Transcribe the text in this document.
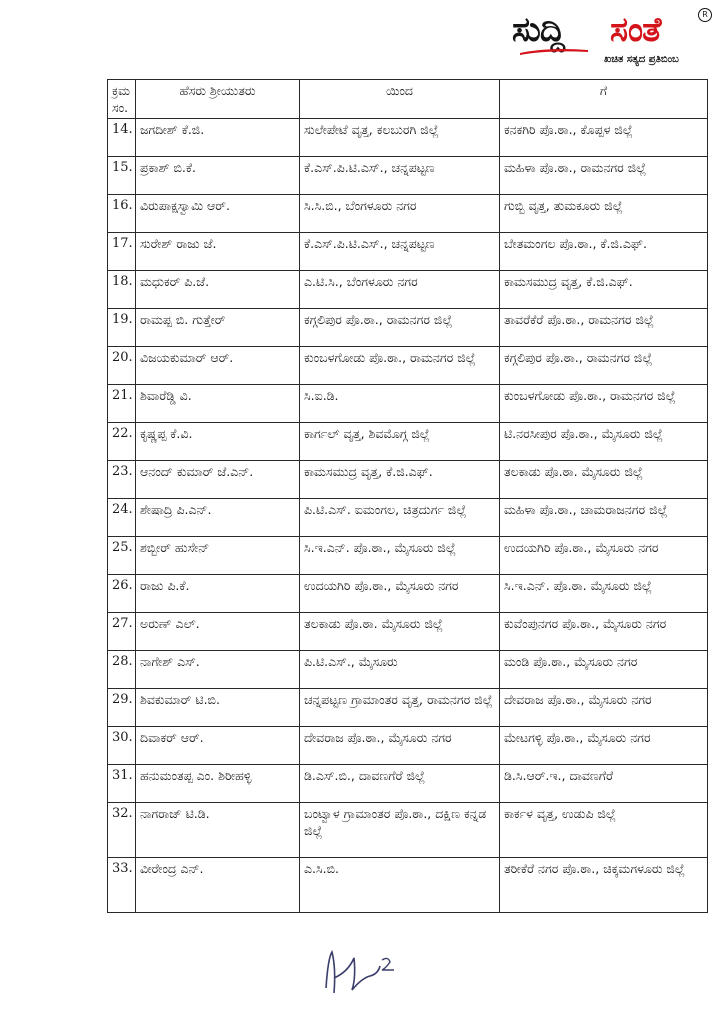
ಸುದ್ದಿ ಸಂತೆ	R
ಖಚಿತ ಸತ್ಯದ ಪ್ರತಿಬಿಂಬ
ಕ್ರಮ ಸಂ.	ಹೆಸರು ಶ್ರೀಯುತರು	ಯಿಂದ	ಗೆ
14.	ಜಗದೀಶ್ ಕೆ.ಜಿ.	ಸುಲೇಪೇಟೆ ವೃತ್ತ, ಕಲಬುರಗಿ ಜಿಲ್ಲೆ	ಕನಕಗಿರಿ ಪೊ.ಠಾ., ಕೊಪ್ಪಳ ಜಿಲ್ಲೆ
15.	ಪ್ರಕಾಶ್ ಬಿ.ಕೆ.	ಕೆ.ಎಸ್.ಪಿ.ಟಿ.ಎಸ್., ಚನ್ನಪಟ್ಟಣ	ಮಹಿಳಾ ಪೊ.ಠಾ., ರಾಮನಗರ ಜಿಲ್ಲೆ
16.	ವಿರುಪಾಕ್ಷಸ್ವಾಮಿ ಆರ್.	ಸಿ.ಸಿ.ಬಿ., ಬೆಂಗಳೂರು ನಗರ	ಗುಬ್ಬಿ ವೃತ್ತ, ತುಮಕೂರು ಜಿಲ್ಲೆ
17.	ಸುರೇಶ್ ರಾಜು ಜೆ.	ಕೆ.ಎಸ್.ಪಿ.ಟಿ.ಎಸ್., ಚನ್ನಪಟ್ಟಣ	ಬೇತಮಂಗಲ ಪೊ.ಠಾ., ಕೆ.ಜಿ.ಎಫ್.
18.	ಮಧುಕರ್ ಪಿ.ಜೆ.	ಎ.ಟಿ.ಸಿ., ಬೆಂಗಳೂರು ನಗರ	ಕಾಮಸಮುದ್ರ ವೃತ್ತ, ಕೆ.ಜಿ.ಎಫ್.
19.	ರಾಮಪ್ಪ ಬಿ. ಗುತ್ತೇರ್	ಕಗ್ಗಲಿಪುರ ಪೊ.ಠಾ., ರಾಮನಗರ ಜಿಲ್ಲೆ	ತಾವರೆಕೆರೆ ಪೊ.ಠಾ., ರಾಮನಗರ ಜಿಲ್ಲೆ
20.	ವಿಜಯಕುಮಾರ್ ಆರ್.	ಕುಂಬಳಗೋಡು ಪೊ.ಠಾ., ರಾಮನಗರ ಜಿಲ್ಲೆ	ಕಗ್ಗಲಿಪುರ ಪೊ.ಠಾ., ರಾಮನಗರ ಜಿಲ್ಲೆ
21.	ಶಿವಾರೆಡ್ಡಿ ವಿ.	ಸಿ.ಐ.ಡಿ.	ಕುಂಬಳಗೋಡು ಪೊ.ಠಾ., ರಾಮನಗರ ಜಿಲ್ಲೆ
22.	ಕೃಷ್ಣಪ್ಪ ಕೆ.ವಿ.	ಕಾರ್ಗಲ್ ವೃತ್ತ, ಶಿವಮೊಗ್ಗ ಜಿಲ್ಲೆ	ಟಿ.ನರಸೀಪುರ ಪೊ.ಠಾ., ಮೈಸೂರು ಜಿಲ್ಲೆ
23.	ಆನಂದ್ ಕುಮಾರ್ ಜೆ.ಎನ್.	ಕಾಮಸಮುದ್ರ ವೃತ್ತ, ಕೆ.ಜಿ.ಎಫ್.	ತಲಕಾಡು ಪೊ.ಠಾ. ಮೈಸೂರು ಜಿಲ್ಲೆ
24.	ಶೇಷಾದ್ರಿ ಪಿ.ಎನ್.	ಪಿ.ಟಿ.ಎಸ್. ಐಮಂಗಲ, ಚಿತ್ರದುರ್ಗ ಜಿಲ್ಲೆ	ಮಹಿಳಾ ಪೊ.ಠಾ., ಚಾಮರಾಜನಗರ ಜಿಲ್ಲೆ
25.	ಶಬ್ಬೀರ್ ಹುಸೇನ್	ಸಿ.ಇ.ಎನ್. ಪೊ.ಠಾ., ಮೈಸೂರು ಜಿಲ್ಲೆ	ಉದಯಗಿರಿ ಪೊ.ಠಾ., ಮೈಸೂರು ನಗರ
26.	ರಾಜು ಪಿ.ಕೆ.	ಉದಯಗಿರಿ ಪೊ.ಠಾ., ಮೈಸೂರು ನಗರ	ಸಿ.ಇ.ಎನ್. ಪೊ.ಠಾ. ಮೈಸೂರು ಜಿಲ್ಲೆ
27.	ಅರುಣ್ ಎಲ್.	ತಲಕಾಡು ಪೊ.ಠಾ. ಮೈಸೂರು ಜಿಲ್ಲೆ	ಕುವೆಂಪುನಗರ ಪೊ.ಠಾ., ಮೈಸೂರು ನಗರ
28.	ನಾಗೇಶ್ ಎಸ್.	ಪಿ.ಟಿ.ಎಸ್., ಮೈಸೂರು	ಮಂಡಿ ಪೊ.ಠಾ., ಮೈಸೂರು ನಗರ
29.	ಶಿವಕುಮಾರ್ ಟಿ.ಬಿ.	ಚನ್ನಪಟ್ಟಣ ಗ್ರಾಮಾಂತರ ವೃತ್ತ, ರಾಮನಗರ ಜಿಲ್ಲೆ	ದೇವರಾಜ ಪೊ.ಠಾ., ಮೈಸೂರು ನಗರ
30.	ದಿವಾಕರ್ ಆರ್.	ದೇವರಾಜ ಪೊ.ಠಾ., ಮೈಸೂರು ನಗರ	ಮೇಟಗಳ್ಳಿ ಪೊ.ಠಾ., ಮೈಸೂರು ನಗರ
31.	ಹನುಮಂತಪ್ಪ ಎಂ. ಶಿರೀಹಳ್ಳಿ	ಡಿ.ಎಸ್.ಬಿ., ದಾವಣಗೆರೆ ಜಿಲ್ಲೆ	ಡಿ.ಸಿ.ಆರ್.ಇ., ದಾವಣಗೆರೆ
32.	ನಾಗರಾಜ್ ಟಿ.ಡಿ.	ಬಂಟ್ವಾಳ ಗ್ರಾಮಾಂತರ ಪೊ.ಠಾ., ದಕ್ಷಿಣ ಕನ್ನಡ ಜಿಲ್ಲೆ	ಕಾರ್ಕಳ ವೃತ್ತ, ಉಡುಪಿ ಜಿಲ್ಲೆ
33.	ವೀರೇಂದ್ರ ಎನ್.	ಎ.ಸಿ.ಬಿ.	ತರೀಕೆರೆ ನಗರ ಪೊ.ಠಾ., ಚಿಕ್ಕಮಗಳೂರು ಜಿಲ್ಲೆ
